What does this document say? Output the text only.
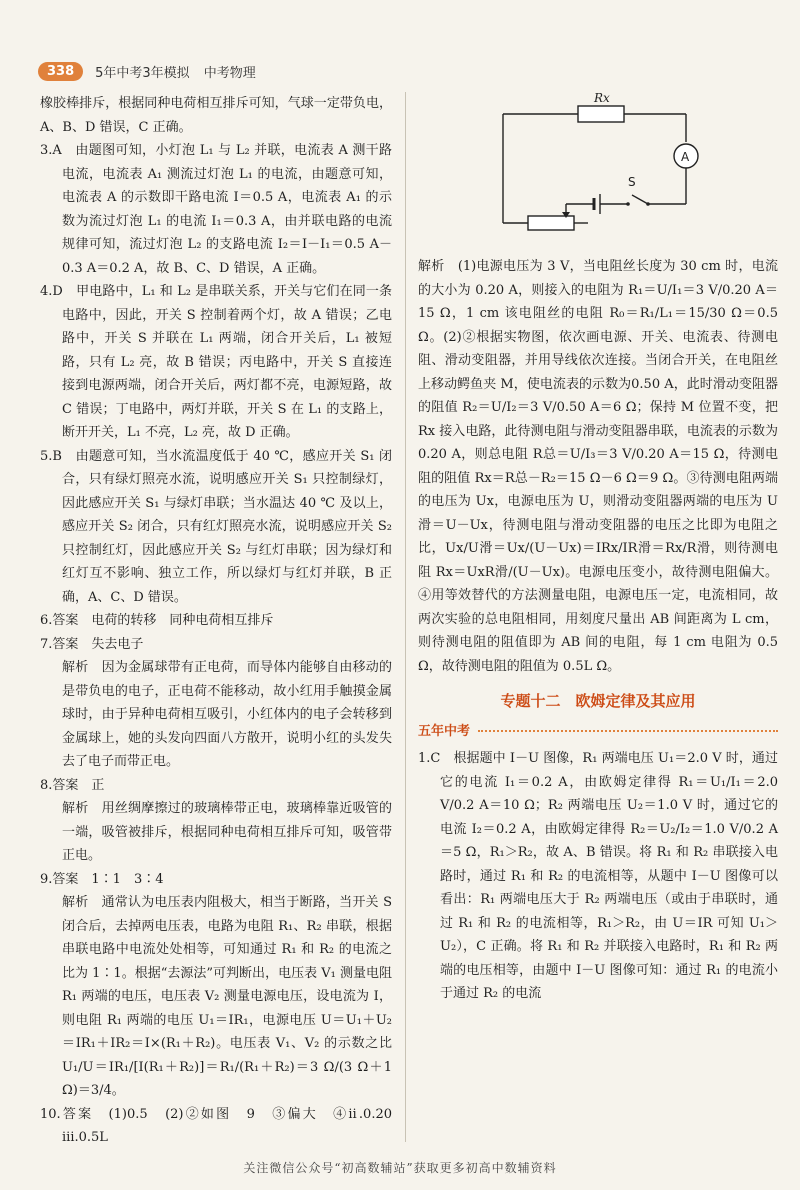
338	5年中考3年模拟 中考物理

橡胶棒排斥，根据同种电荷相互排斥可知，气球一定带负电，A、B、D 错误，C 正确。

3.A　由题图可知，小灯泡 L₁ 与 L₂ 并联，电流表 A 测干路电流，电流表 A₁ 测流过灯泡 L₁ 的电流，由题意可知，电流表 A 的示数即干路电流 I＝0.5 A，电流表 A₁ 的示数为流过灯泡 L₁ 的电流 I₁＝0.3 A，由并联电路的电流规律可知，流过灯泡 L₂ 的支路电流 I₂＝I－I₁＝0.5 A－0.3 A＝0.2 A，故 B、C、D 错误，A 正确。

4.D　甲电路中，L₁ 和 L₂ 是串联关系，开关与它们在同一条电路中，因此，开关 S 控制着两个灯，故 A 错误；乙电路中，开关 S 并联在 L₁ 两端，闭合开关后，L₁ 被短路，只有 L₂ 亮，故 B 错误；丙电路中，开关 S 直接连接到电源两端，闭合开关后，两灯都不亮，电源短路，故 C 错误；丁电路中，两灯并联，开关 S 在 L₁ 的支路上，断开开关，L₁ 不亮，L₂ 亮，故 D 正确。

5.B　由题意可知，当水流温度低于 40 ℃，感应开关 S₁ 闭合，只有绿灯照亮水流，说明感应开关 S₁ 只控制绿灯，因此感应开关 S₁ 与绿灯串联；当水温达 40 ℃ 及以上，感应开关 S₂ 闭合，只有红灯照亮水流，说明感应开关 S₂ 只控制红灯，因此感应开关 S₂ 与红灯串联；因为绿灯和红灯互不影响、独立工作，所以绿灯与红灯并联，B 正确，A、C、D 错误。

6.答案　电荷的转移　同种电荷相互排斥

7.答案　失去电子

解析　因为金属球带有正电荷，而导体内能够自由移动的是带负电的电子，正电荷不能移动，故小红用手触摸金属球时，由于异种电荷相互吸引，小红体内的电子会转移到金属球上，她的头发向四面八方散开，说明小红的头发失去了电子而带正电。

8.答案　正

解析　用丝绸摩擦过的玻璃棒带正电，玻璃棒靠近吸管的一端，吸管被排斥，根据同种电荷相互排斥可知，吸管带正电。

9.答案　1∶1　3∶4

解析　通常认为电压表内阻极大，相当于断路，当开关 S 闭合后，去掉两电压表，电路为电阻 R₁、R₂ 串联，根据串联电路中电流处处相等，可知通过 R₁ 和 R₂ 的电流之比为 1∶1。根据“去源法”可判断出，电压表 V₁ 测量电阻 R₁ 两端的电压，电压表 V₂ 测量电源电压，设电流为 I，则电阻 R₁ 两端的电压 U₁＝IR₁，电源电压 U＝U₁＋U₂＝IR₁＋IR₂＝I×(R₁＋R₂)。电压表 V₁、V₂ 的示数之比 U₁/U＝IR₁/[I(R₁＋R₂)]＝R₁/(R₁＋R₂)＝3 Ω/(3 Ω＋1 Ω)＝3/4。

10.答案　(1)0.5　(2)②如图　9　③偏大　④ⅱ.0.20　ⅲ.0.5L

Rx
A
S

解析　(1)电源电压为 3 V，当电阻丝长度为 30 cm 时，电流的大小为 0.20 A，则接入的电阻为 R₁＝U/I₁＝3 V/0.20 A＝15 Ω，1 cm 该电阻丝的电阻 R₀＝R₁/L₁＝15/30 Ω＝0.5 Ω。(2)②根据实物图，依次画电源、开关、电流表、待测电阻、滑动变阻器，并用导线依次连接。当闭合开关，在电阻丝上移动鳄鱼夹 M，使电流表的示数为0.50 A，此时滑动变阻器的阻值 R₂＝U/I₂＝3 V/0.50 A＝6 Ω；保持 M 位置不变，把 Rx 接入电路，此待测电阻与滑动变阻器串联，电流表的示数为 0.20 A，则总电阻 R总＝U/I₃＝3 V/0.20 A＝15 Ω，待测电阻的阻值 Rx＝R总－R₂＝15 Ω－6 Ω＝9 Ω。③待测电阻两端的电压为 Ux，电源电压为 U，则滑动变阻器两端的电压为 U滑＝U－Ux，待测电阻与滑动变阻器的电压之比即为电阻之比，Ux/U滑＝Ux/(U－Ux)＝IRx/IR滑＝Rx/R滑，则待测电阻 Rx＝UxR滑/(U－Ux)。电源电压变小，故待测电阻偏大。④用等效替代的方法测量电阻，电源电压一定，电流相同，故两次实验的总电阻相同，用刻度尺量出 AB 间距离为 L cm，则待测电阻的阻值即为 AB 间的电阻，每 1 cm 电阻为 0.5 Ω，故待测电阻的阻值为 0.5L Ω。

专题十二　欧姆定律及其应用
五年中考

1.C　根据题中 I－U 图像，R₁ 两端电压 U₁＝2.0 V 时，通过它的电流 I₁＝0.2 A，由欧姆定律得 R₁＝U₁/I₁＝2.0 V/0.2 A＝10 Ω；R₂ 两端电压 U₂＝1.0 V 时，通过它的电流 I₂＝0.2 A，由欧姆定律得 R₂＝U₂/I₂＝1.0 V/0.2 A＝5 Ω，R₁＞R₂，故 A、B 错误。将 R₁ 和 R₂ 串联接入电路时，通过 R₁ 和 R₂ 的电流相等，从题中 I－U 图像可以看出：R₁ 两端电压大于 R₂ 两端电压（或由于串联时，通过 R₁ 和 R₂ 的电流相等，R₁＞R₂，由 U＝IR 可知 U₁＞U₂），C 正确。将 R₁ 和 R₂ 并联接入电路时，R₁ 和 R₂ 两端的电压相等，由题中 I－U 图像可知：通过 R₁ 的电流小于通过 R₂ 的电流

关注微信公众号“初高数辅站”获取更多初高中数辅资料
